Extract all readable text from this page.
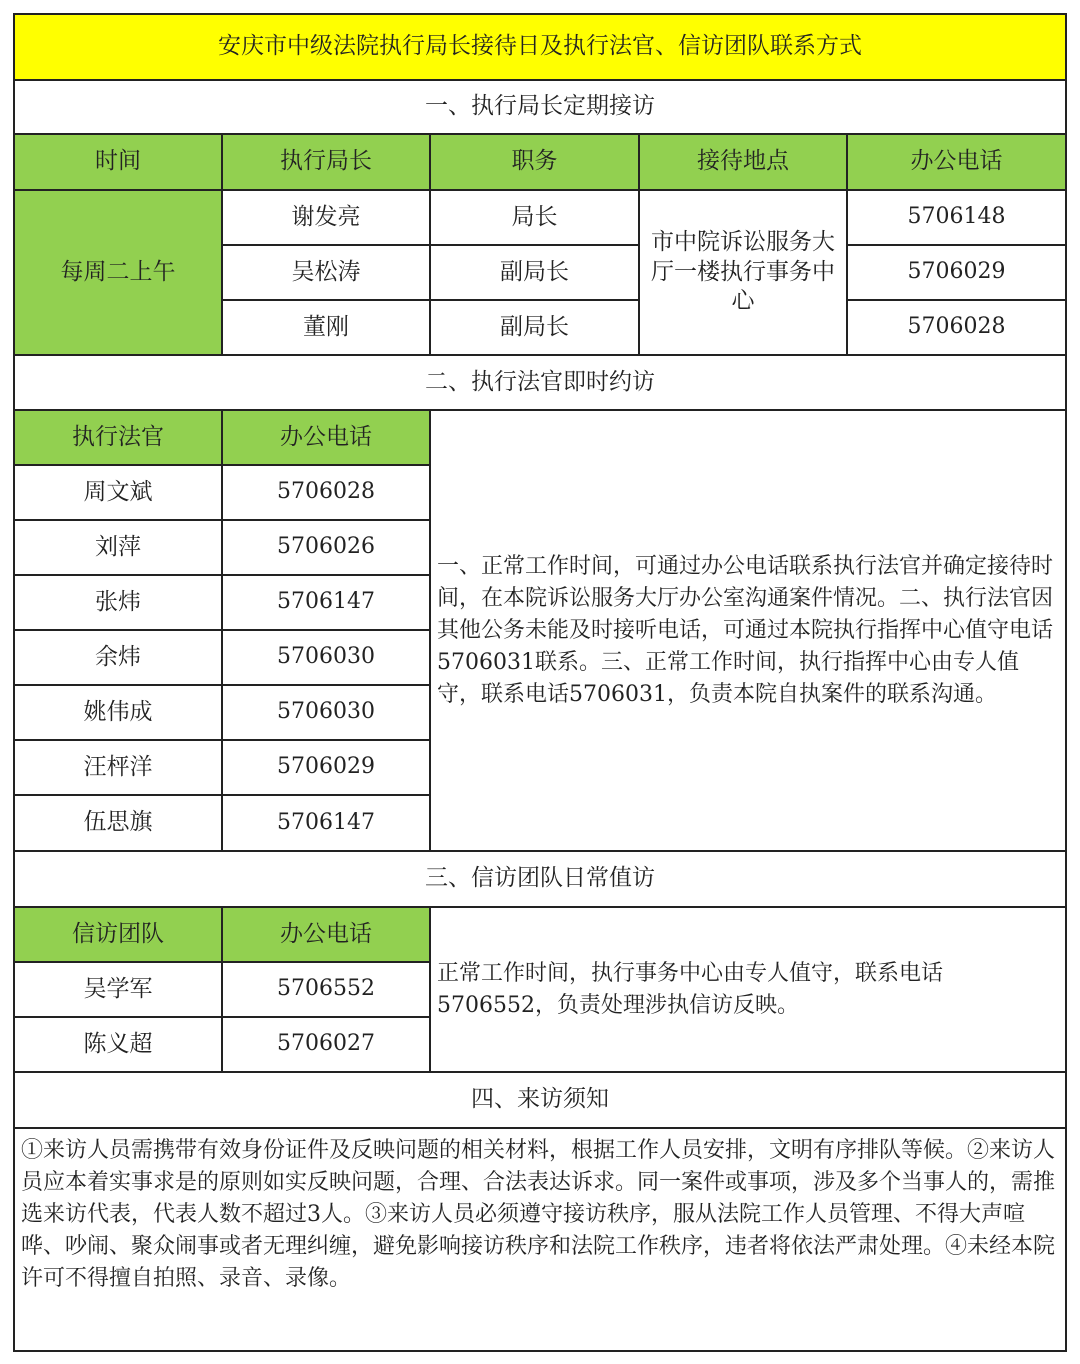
安庆市中级法院执行局长接待日及执行法官、信访团队联系方式
一、执行局长定期接访
时间	执行局长	职务	接待地点	办公电话
每周二上午
市中院诉讼服务大厅一楼执行事务中心
谢发亮	局长	5706148
吴松涛	副局长	5706029
董刚	副局长	5706028
二、执行法官即时约访
执行法官	办公电话
一、正常工作时间，可通过办公电话联系执行法官并确定接待时间，在本院诉讼服务大厅办公室沟通案件情况。二、执行法官因其他公务未能及时接听电话，可通过本院执行指挥中心值守电话5706031联系。三、正常工作时间，执行指挥中心由专人值守，联系电话5706031，负责本院自执案件的联系沟通。
周文斌	5706028
刘萍	5706026
张炜	5706147
余炜	5706030
姚伟成	5706030
汪枰洋	5706029
伍思旗	5706147
三、信访团队日常值访
信访团队	办公电话
正常工作时间，执行事务中心由专人值守，联系电话5706552，负责处理涉执信访反映。
吴学军	5706552
陈义超	5706027
四、来访须知
①来访人员需携带有效身份证件及反映问题的相关材料，根据工作人员安排，文明有序排队等候。②来访人员应本着实事求是的原则如实反映问题，合理、合法表达诉求。同一案件或事项，涉及多个当事人的，需推选来访代表，代表人数不超过3人。③来访人员必须遵守接访秩序，服从法院工作人员管理、不得大声喧哗、吵闹、聚众闹事或者无理纠缠，避免影响接访秩序和法院工作秩序，违者将依法严肃处理。④未经本院许可不得擅自拍照、录音、录像。
